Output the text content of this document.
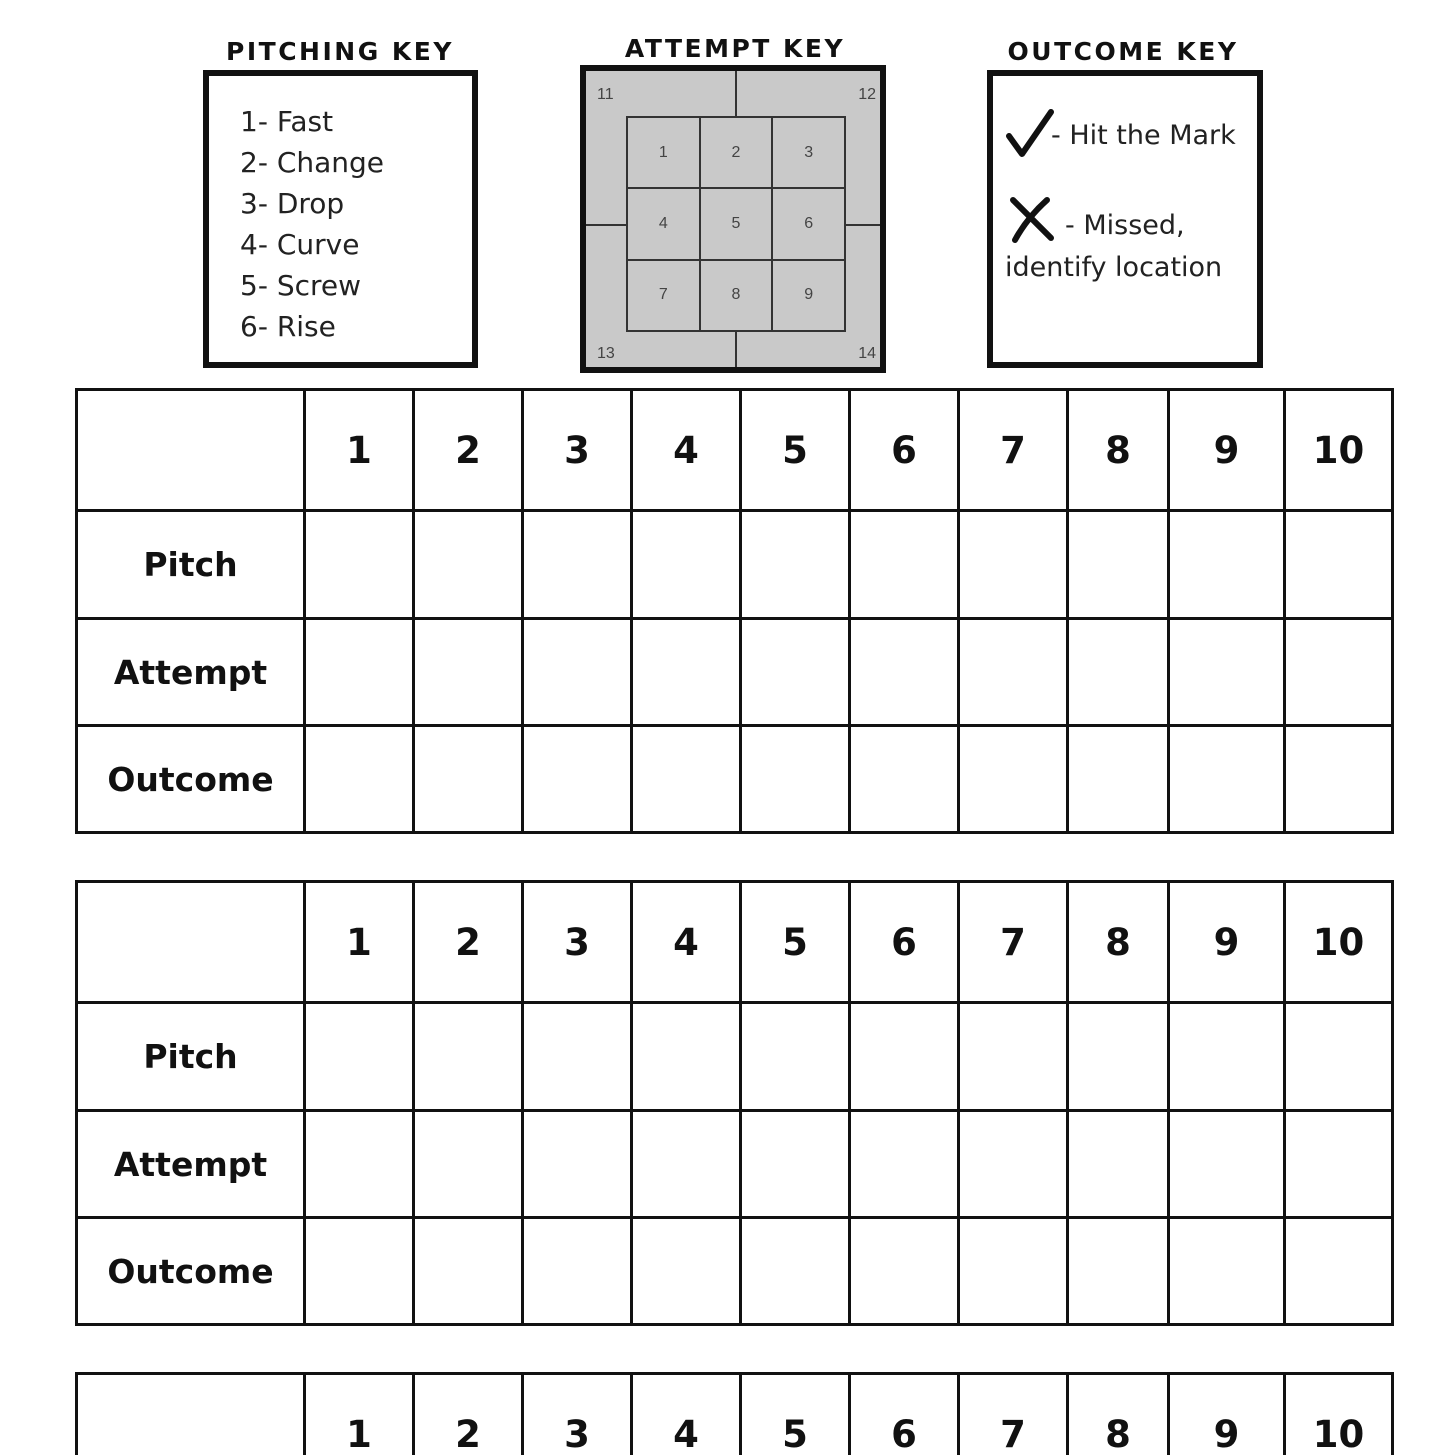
PITCHING KEY
1- Fast
2- Change
3- Drop
4- Curve
5- Screw
6- Rise
ATTEMPT KEY
1	2	3
4	5	6
7	8	9
11	12
13	14
OUTCOME KEY
- Hit the Mark
- Missed,
identify location
	1	2	3	4	5	6	7	8	9	10
Pitch										
Attempt										
Outcome										
	1	2	3	4	5	6	7	8	9	10
Pitch										
Attempt										
Outcome										
	1	2	3	4	5	6	7	8	9	10
